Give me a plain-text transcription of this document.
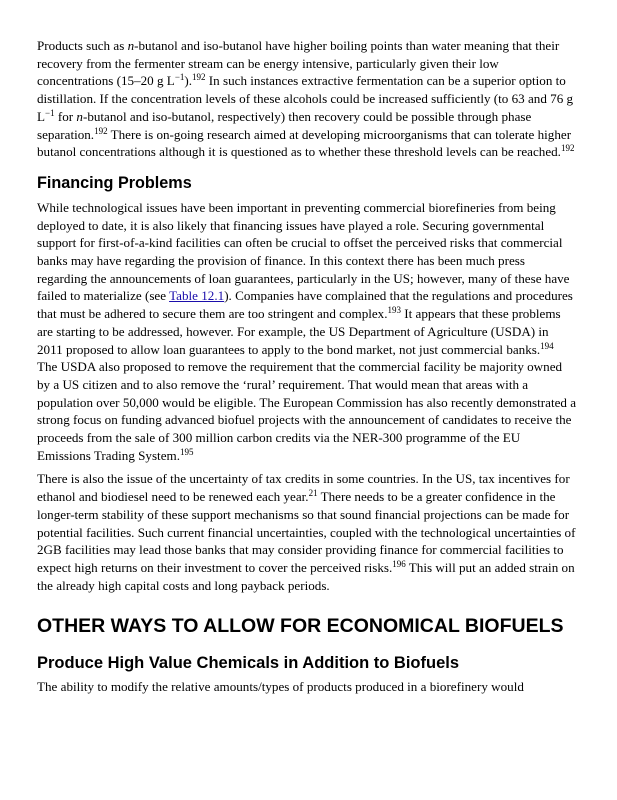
Products such as n-butanol and iso-butanol have higher boiling points than water meaning that their recovery from the fermenter stream can be energy intensive, particularly given their low concentrations (15–20 g $L^{-1}).^{192}$ In such instances extractive fermentation can be a superior option to distillation. If the concentration levels of these alcohols could be increased sufficiently (to 63 and 76 g $L^{-1}$ for n-butanol and iso-butanol, respectively) then recovery could be possible through phase separation.$^{192}$ There is on-going research aimed at developing microorganisms that can tolerate higher butanol concentrations although it is questioned as to whether these threshold levels can be reached.$^{192}$

Financing Problems

While technological issues have been important in preventing commercial biorefineries from being deployed to date, it is also likely that financing issues have played a role. Securing governmental support for first-of-a-kind facilities can often be crucial to offset the perceived risks that commercial banks may have regarding the provision of finance. In this context there has been much press regarding the announcements of loan guarantees, particularly in the US; however, many of these have failed to materialize (see Table 12.1). Companies have complained that the regulations and procedures that must be adhered to secure them are too stringent and complex.$^{193}$ It appears that these problems are starting to be addressed, however. For example, the US Department of Agriculture (USDA) in 2011 proposed to allow loan guarantees to apply to the bond market, not just commercial banks.$^{194}$ The USDA also proposed to remove the requirement that the commercial facility be majority owned by a US citizen and to also remove the ‘rural’ requirement. That would mean that areas with a population over 50,000 would be eligible. The European Commission has also recently demonstrated a strong focus on funding advanced biofuel projects with the announcement of candidates to receive the proceeds from the sale of 300 million carbon credits via the NER-300 programme of the EU Emissions Trading System.$^{195}$

There is also the issue of the uncertainty of tax credits in some countries. In the US, tax incentives for ethanol and biodiesel need to be renewed each year.$^{21}$ There needs to be a greater confidence in the longer-term stability of these support mechanisms so that sound financial projections can be made for potential facilities. Such current financial uncertainties, coupled with the technological uncertainties of 2GB facilities may lead those banks that may consider providing finance for commercial facilities to expect high returns on their investment to cover the perceived risks.$^{196}$ This will put an added strain on the already high capital costs and long payback periods.

OTHER WAYS TO ALLOW FOR ECONOMICAL BIOFUELS
Produce High Value Chemicals in Addition to Biofuels

The ability to modify the relative amounts/types of products produced in a biorefinery would
